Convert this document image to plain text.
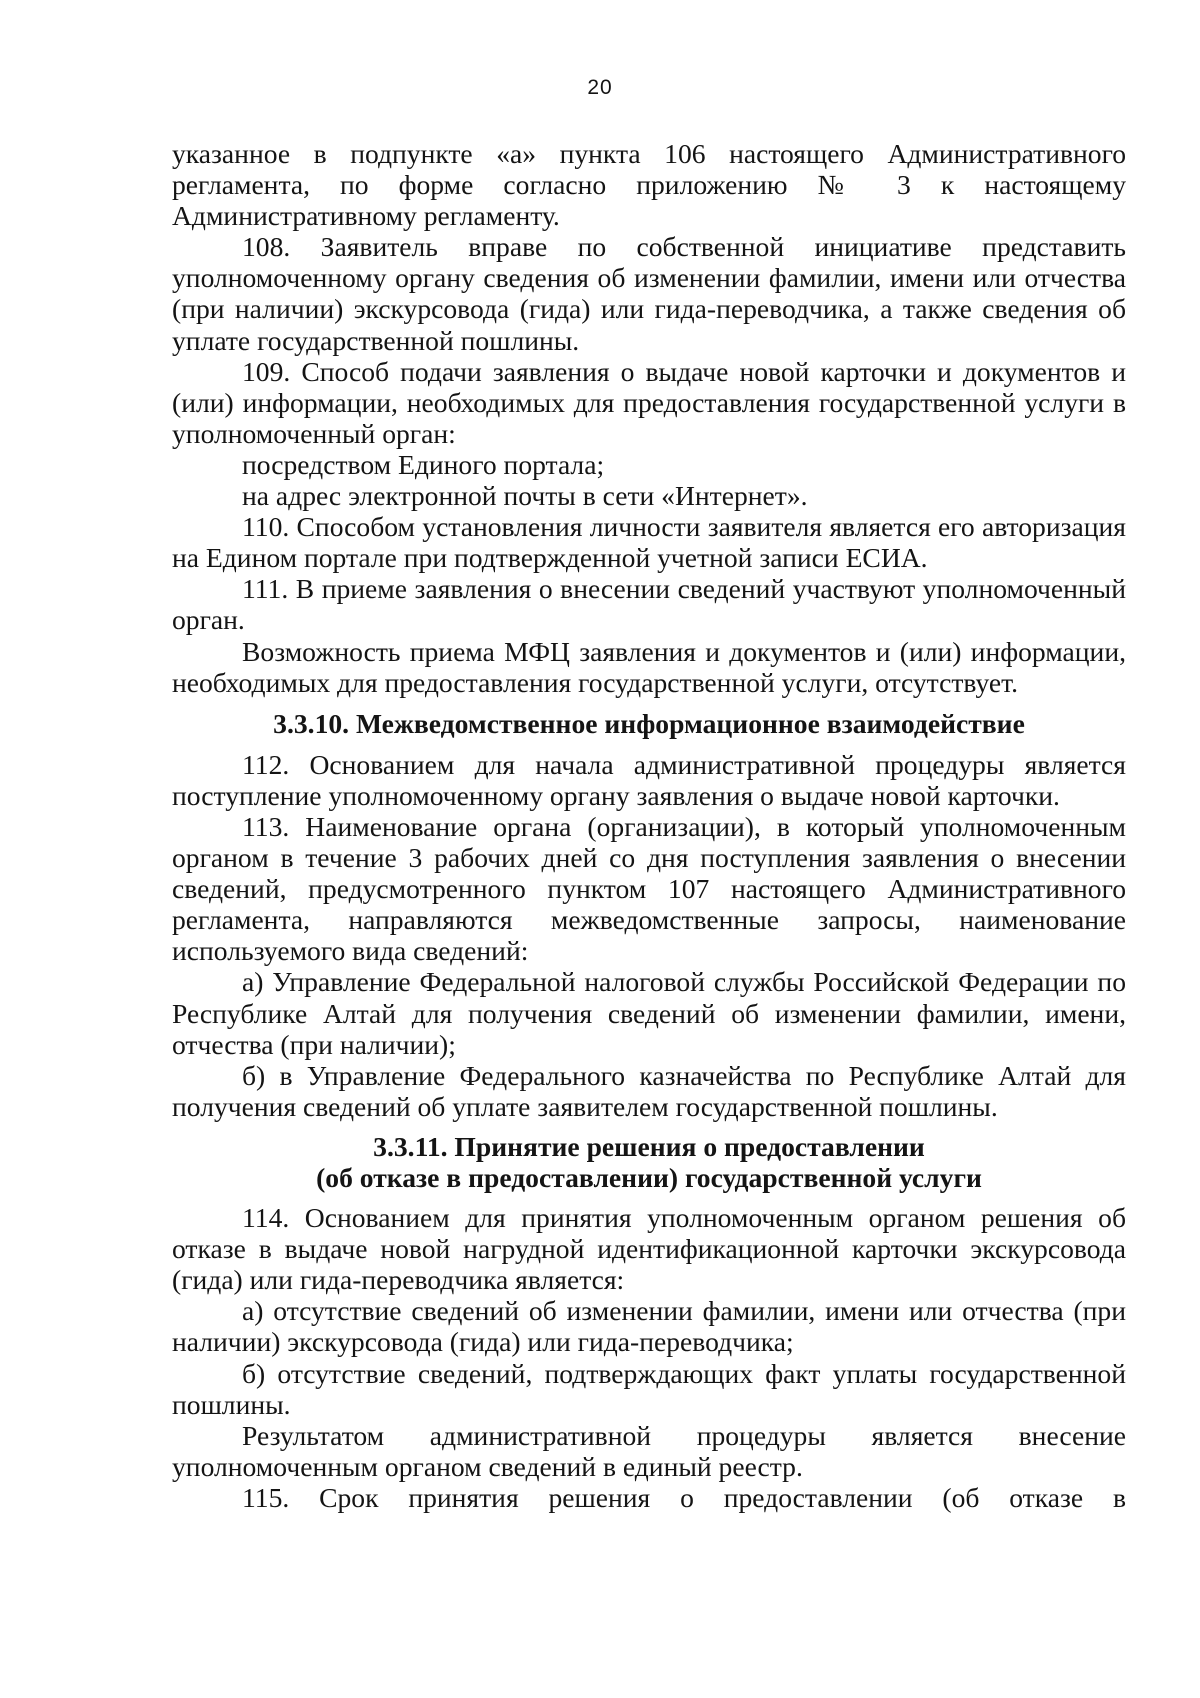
20

указанное в подпункте «а» пункта 106 настоящего Административного регламента, по форме согласно приложению № 3 к настоящему Административному регламенту.

108. Заявитель вправе по собственной инициативе представить уполномоченному органу сведения об изменении фамилии, имени или отчества (при наличии) экскурсовода (гида) или гида-переводчика, а также сведения об уплате государственной пошлины.

109. Способ подачи заявления о выдаче новой карточки и документов и (или) информации, необходимых для предоставления государственной услуги в уполномоченный орган:

посредством Единого портала;

на адрес электронной почты в сети «Интернет».

110. Способом установления личности заявителя является его авторизация на Едином портале при подтвержденной учетной записи ЕСИА.

111. В приеме заявления о внесении сведений участвуют уполномоченный орган.

Возможность приема МФЦ заявления и документов и (или) информации, необходимых для предоставления государственной услуги, отсутствует.

3.3.10. Межведомственное информационное взаимодействие

112. Основанием для начала административной процедуры является поступление уполномоченному органу заявления о выдаче новой карточки.

113. Наименование органа (организации), в который уполномоченным органом в течение 3 рабочих дней со дня поступления заявления о внесении сведений, предусмотренного пунктом 107 настоящего Административного регламента, направляются межведомственные запросы, наименование используемого вида сведений:

а) Управление Федеральной налоговой службы Российской Федерации по Республике Алтай для получения сведений об изменении фамилии, имени, отчества (при наличии);

б) в Управление Федерального казначейства по Республике Алтай для получения сведений об уплате заявителем государственной пошлины.

3.3.11. Принятие решения о предоставлении
(об отказе в предоставлении) государственной услуги

114. Основанием для принятия уполномоченным органом решения об отказе в выдаче новой нагрудной идентификационной карточки экскурсовода (гида) или гида-переводчика является:

а) отсутствие сведений об изменении фамилии, имени или отчества (при наличии) экскурсовода (гида) или гида-переводчика;

б) отсутствие сведений, подтверждающих факт уплаты государственной пошлины.

Результатом административной процедуры является внесение уполномоченным органом сведений в единый реестр.

115. Срок принятия решения о предоставлении (об отказе в
